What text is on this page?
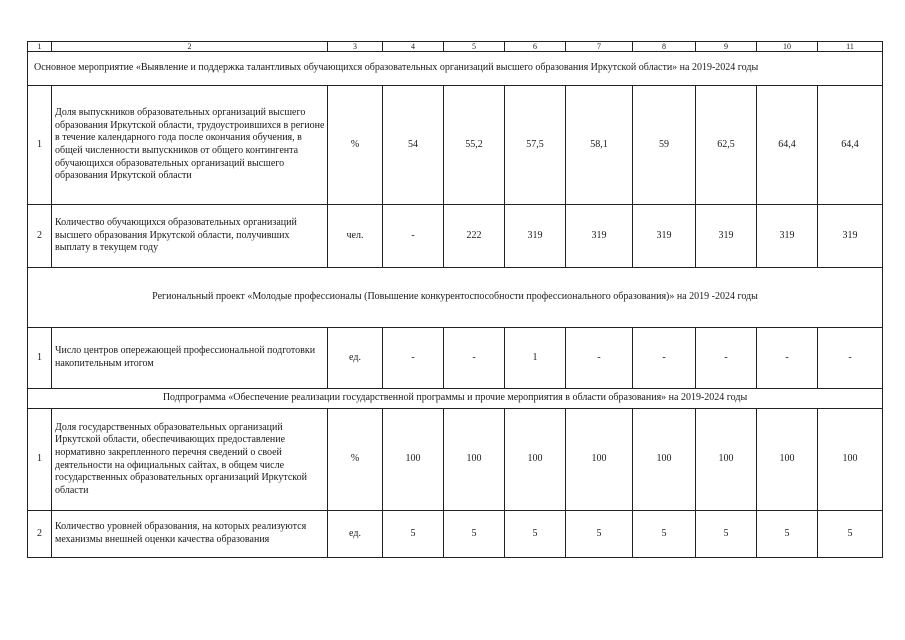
1	2	3	4	5	6	7	8	9	10	11
Основное мероприятие «Выявление и поддержка талантливых обучающихся образовательных организаций высшего образования Иркутской области» на 2019-2024 годы										
1	Доля выпускников образовательных организаций высшего образования Иркутской области, трудоустроившихся в регионе в течение календарного года после окончания обучения, в общей численности выпускников от общего контингента обучающихся образовательных организаций высшего образования Иркутской области	%	54	55,2	57,5	58,1	59	62,5	64,4	64,4
2	Количество обучающихся образовательных организаций высшего образования Иркутской области, получивших выплату в текущем году	чел.	-	222	319	319	319	319	319	319
Региональный проект «Молодые профессионалы (Повышение конкурентоспособности профессионального образования)» на 2019 -2024 годы										
1	Число центров опережающей профессиональной подготовки накопительным итогом	ед.	-	-	1	-	-	-	-	-
Подпрограмма «Обеспечение реализации государственной программы и прочие мероприятия в области образования» на 2019-2024 годы										
1	Доля государственных образовательных организаций Иркутской области, обеспечивающих предоставление нормативно закрепленного перечня сведений о своей деятельности на официальных сайтах, в общем числе государственных образовательных организаций Иркутской области	%	100	100	100	100	100	100	100	100
2	Количество уровней образования, на которых реализуются механизмы внешней оценки качества образования	ед.	5	5	5	5	5	5	5	5
